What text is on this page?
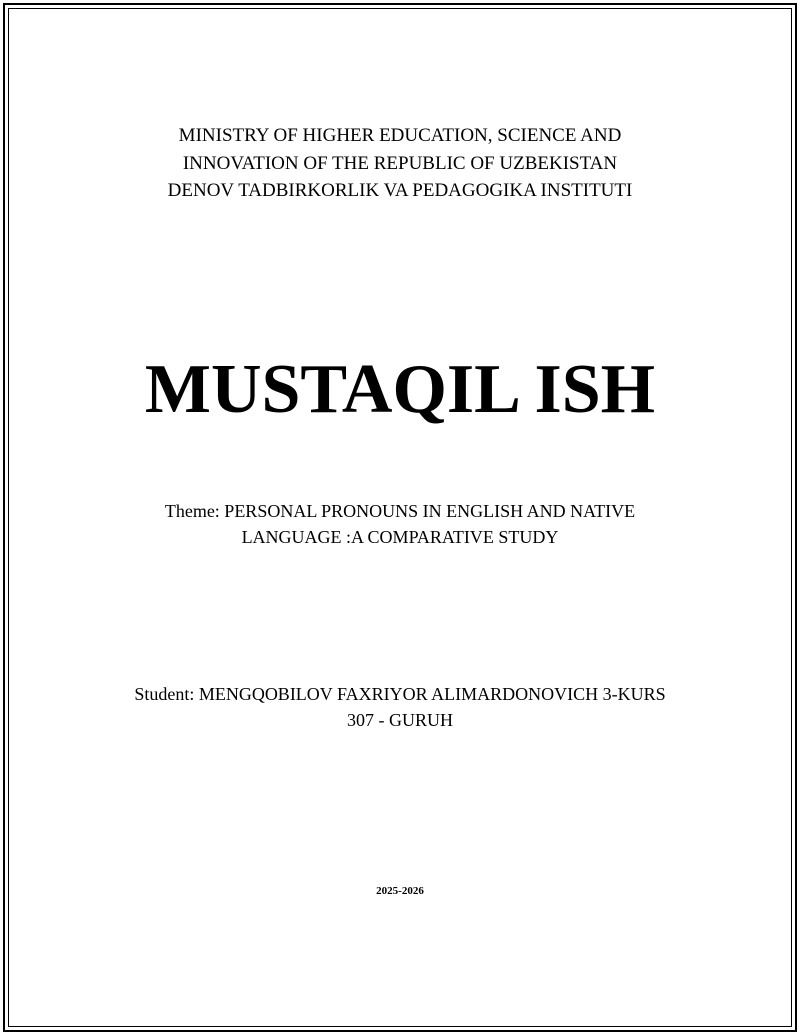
MINISTRY OF HIGHER EDUCATION, SCIENCE AND
INNOVATION OF THE REPUBLIC OF UZBEKISTAN
DENOV TADBIRKORLIK VA PEDAGOGIKA INSTITUTI
MUSTAQIL ISH
Theme: PERSONAL PRONOUNS IN ENGLISH AND NATIVE
LANGUAGE :A COMPARATIVE STUDY
Student: MENGQOBILOV FAXRIYOR ALIMARDONOVICH 3-KURS
307 - GURUH
2025-2026
